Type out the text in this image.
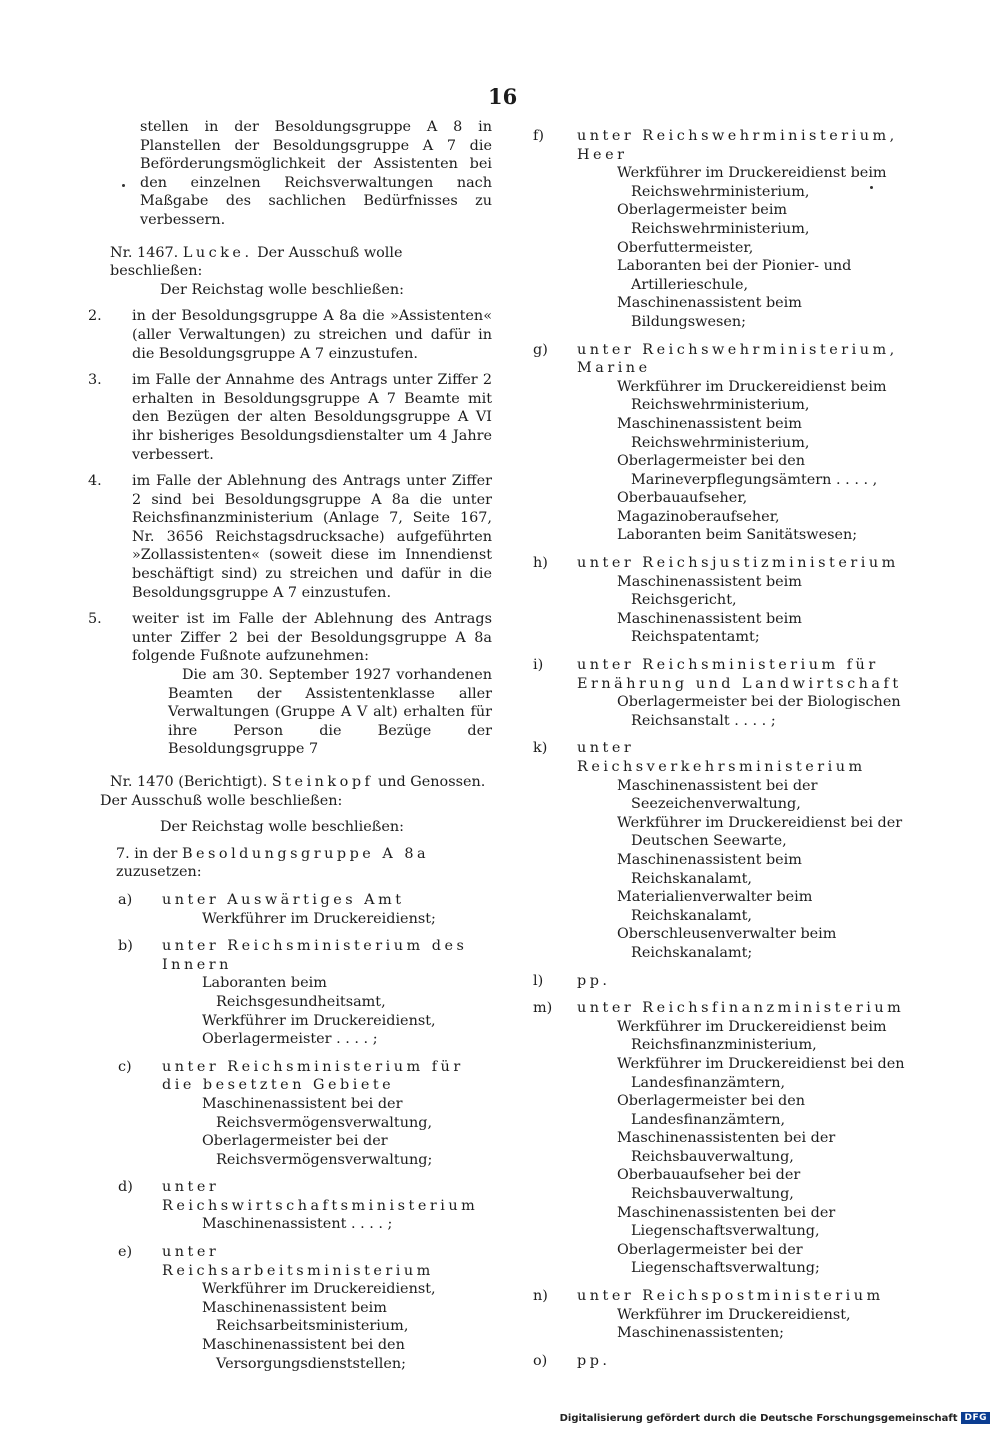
16

stellen in der Besoldungsgruppe A 8 in Planstellen der Besoldungsgruppe A 7 die Beförderungsmöglichkeit der Assistenten bei den einzelnen Reichsverwaltungen nach Maßgabe des sachlichen Bedürfnisses zu verbessern.

Nr. 1467. Lucke. Der Ausschuß wolle beschließen:
Der Reichstag wolle beschließen:
2. in der Besoldungsgruppe A 8a die »Assistenten« (aller Verwaltungen) zu streichen und dafür in die Besoldungsgruppe A 7 einzustufen.
3. im Falle der Annahme des Antrags unter Ziffer 2 erhalten in Besoldungsgruppe A 7 Beamte mit den Bezügen der alten Besoldungsgruppe A VI ihr bisheriges Besoldungsdienstalter um 4 Jahre verbessert.
4. im Falle der Ablehnung des Antrags unter Ziffer 2 sind bei Besoldungsgruppe A 8a die unter Reichsfinanzministerium (Anlage 7, Seite 167, Nr. 3656 Reichstagsdrucksache) aufgeführten »Zollassistenten« (soweit diese im Innendienst beschäftigt sind) zu streichen und dafür in die Besoldungsgruppe A 7 einzustufen.
5. weiter ist im Falle der Ablehnung des Antrags unter Ziffer 2 bei der Besoldungsgruppe A 8a folgende Fußnote aufzunehmen:
Die am 30. September 1927 vorhandenen Beamten der Assistentenklasse aller Verwaltungen (Gruppe A V alt) erhalten für ihre Person die Bezüge der Besoldungsgruppe 7
Nr. 1470 (Berichtigt). Steinkopf und Genossen.
Der Ausschuß wolle beschließen:
Der Reichstag wolle beschließen:
7. in der Besoldungsgruppe A 8a zuzusetzen:
a) unter Auswärtiges Amt
Werkführer im Druckereidienst;
b) unter Reichsministerium des Innern
Laboranten beim Reichsgesundheitsamt,
Werkführer im Druckereidienst,
Oberlagermeister . . . . ;
c) unter Reichsministerium für die besetzten Gebiete
Maschinenassistent bei der Reichsvermögensverwaltung,
Oberlagermeister bei der Reichsvermögensverwaltung;
d) unter Reichswirtschaftsministerium
Maschinenassistent . . . . ;
e) unter Reichsarbeitsministerium
Werkführer im Druckereidienst,
Maschinenassistent beim Reichsarbeitsministerium,
Maschinenassistent bei den Versorgungsdienststellen;
f) unter Reichswehrministerium, Heer
Werkführer im Druckereidienst beim Reichswehrministerium,
Oberlagermeister beim Reichswehrministerium,
Oberfuttermeister,
Laboranten bei der Pionier- und Artillerieschule,
Maschinenassistent beim Bildungswesen;
g) unter Reichswehrministerium, Marine
Werkführer im Druckereidienst beim Reichswehrministerium,
Maschinenassistent beim Reichswehrministerium,
Oberlagermeister bei den Marineverpflegungsämtern . . . . ,
Oberbauaufseher,
Magazinoberaufseher,
Laboranten beim Sanitätswesen;
h) unter Reichsjustizministerium
Maschinenassistent beim Reichsgericht,
Maschinenassistent beim Reichspatentamt;
i) unter Reichsministerium für Ernährung und Landwirtschaft
Oberlagermeister bei der Biologischen Reichsanstalt . . . . ;
k) unter Reichsverkehrsministerium
Maschinenassistent bei der Seezeichenverwaltung,
Werkführer im Druckereidienst bei der Deutschen Seewarte,
Maschinenassistent beim Reichskanalamt,
Materialienverwalter beim Reichskanalamt,
Oberschleusenverwalter beim Reichskanalamt;
l) pp.
m) unter Reichsfinanzministerium
Werkführer im Druckereidienst beim Reichsfinanzministerium,
Werkführer im Druckereidienst bei den Landesfinanzämtern,
Oberlagermeister bei den Landesfinanzämtern,
Maschinenassistenten bei der Reichsbauverwaltung,
Oberbauaufseher bei der Reichsbauverwaltung,
Maschinenassistenten bei der Liegenschaftsverwaltung,
Oberlagermeister bei der Liegenschaftsverwaltung;
n) unter Reichspostministerium
Werkführer im Druckereidienst,
Maschinenassistenten;
o) pp.
Digitalisierung gefördert durch die Deutsche Forschungsgemeinschaft DFG
